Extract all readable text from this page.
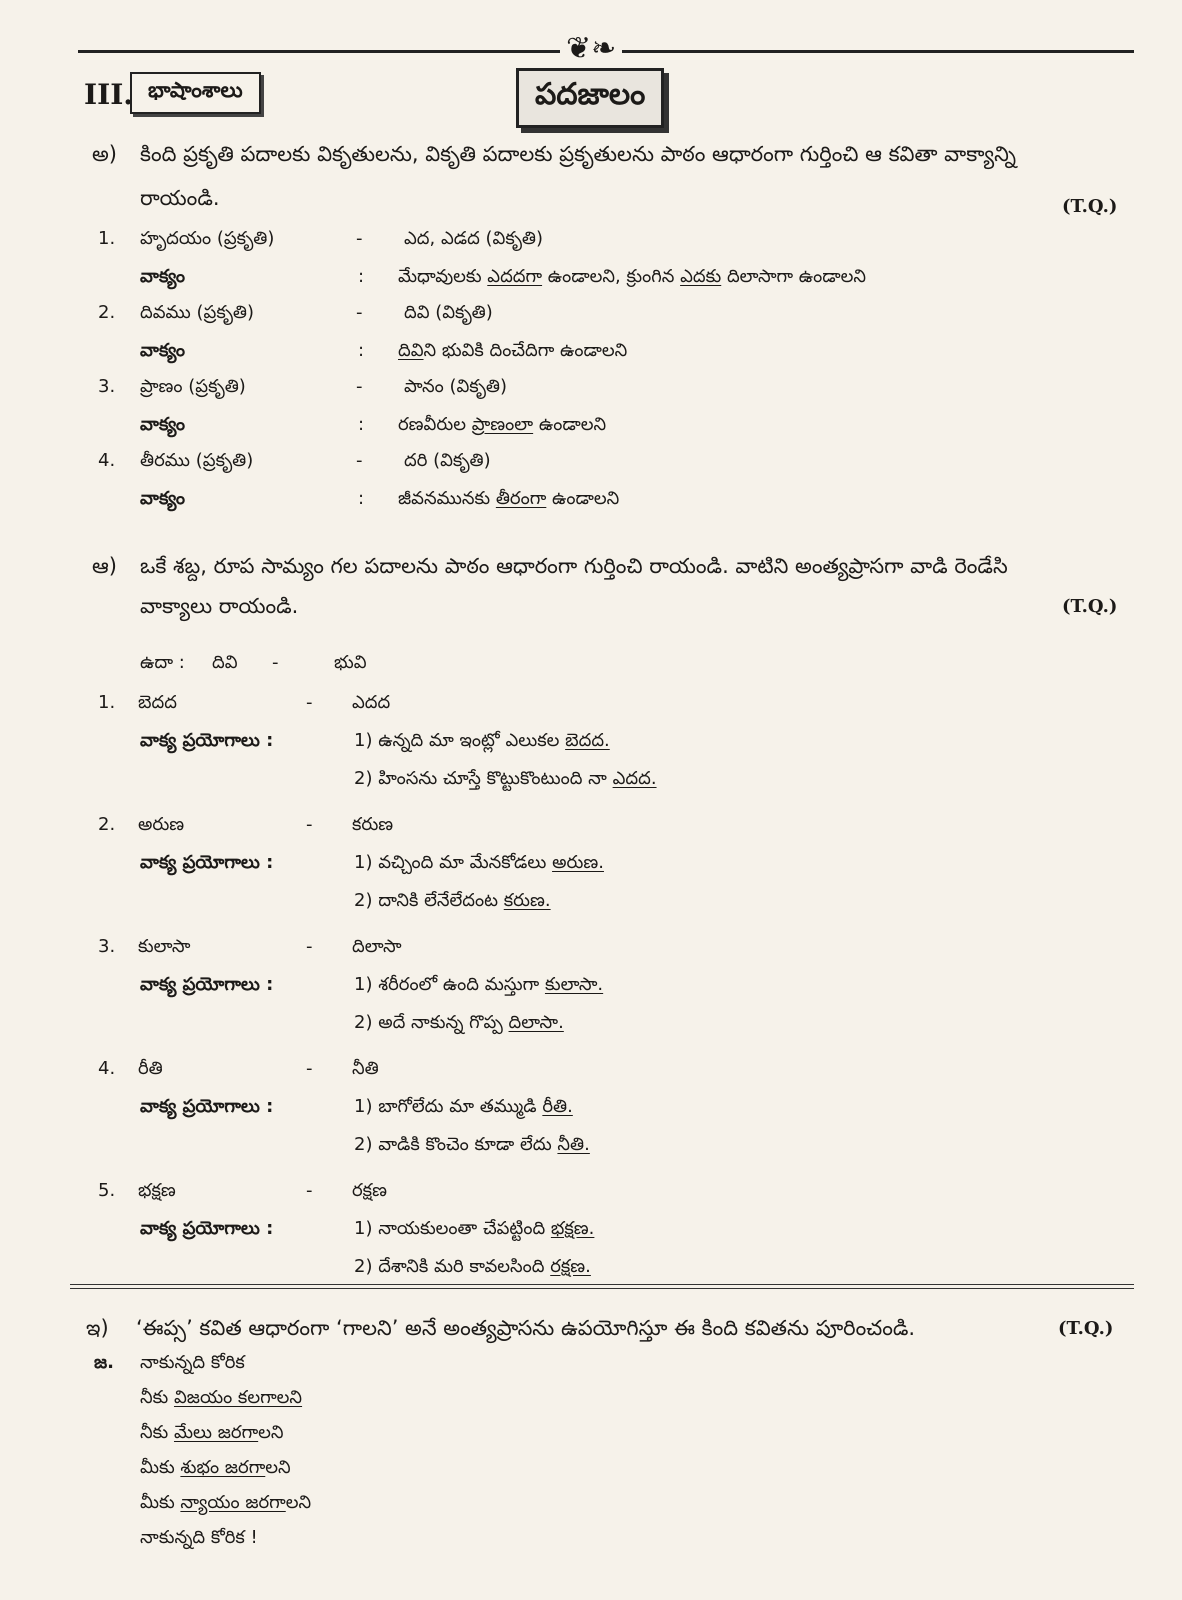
❦❧
III. భాషాంశాలు	పదజాలం
అ) కింది ప్రకృతి పదాలకు వికృతులను, వికృతి పదాలకు ప్రకృతులను పాఠం ఆధారంగా గుర్తించి ఆ కవితా వాక్యాన్ని
రాయండి.	(T.Q.)
1. హృదయం (ప్రకృతి)	- ఎద, ఎడద (వికృతి)
వాక్యం	: మేధావులకు ఎదదగా ఉండాలని, క్రుంగిన ఎదకు దిలాసాగా ఉండాలని
2. దివము (ప్రకృతి)	- దివి (వికృతి)
వాక్యం	: దివిని భువికి దించేదిగా ఉండాలని
3. ప్రాణం (ప్రకృతి)	- పానం (వికృతి)
వాక్యం	: రణవీరుల ప్రాణంలా ఉండాలని
4. తీరము (ప్రకృతి)	- దరి (వికృతి)
వాక్యం	: జీవనమునకు తీరంగా ఉండాలని
ఆ) ఒకే శబ్ద, రూప సామ్యం గల పదాలను పాఠం ఆధారంగా గుర్తించి రాయండి. వాటిని అంత్యప్రాసగా వాడి రెండేసి
వాక్యాలు రాయండి.	(T.Q.)
ఉదా : దివి -	భువి
1. బెదద	- ఎదద
వాక్య ప్రయోగాలు :	1) ఉన్నది మా ఇంట్లో ఎలుకల బెదద.
2) హింసను చూస్తే కొట్టుకొంటుంది నా ఎదద.
2. అరుణ	- కరుణ
వాక్య ప్రయోగాలు :	1) వచ్చింది మా మేనకోడలు అరుణ.
2) దానికి లేనేలేదంట కరుణ.
3. కులాసా	- దిలాసా
వాక్య ప్రయోగాలు :	1) శరీరంలో ఉంది మస్తుగా కులాసా.
2) అదే నాకున్న గొప్ప దిలాసా.
4. రీతి	- నీతి
వాక్య ప్రయోగాలు :	1) బాగోలేదు మా తమ్ముడి రీతి.
2) వాడికి కొంచెం కూడా లేదు నీతి.
5. భక్షణ	- రక్షణ
వాక్య ప్రయోగాలు :	1) నాయకులంతా చేపట్టింది భక్షణ.
2) దేశానికి మరి కావలసింది రక్షణ.
ఇ) ‘ఈప్స’ కవిత ఆధారంగా ‘గాలని’ అనే అంత్యప్రాసను ఉపయోగిస్తూ ఈ కింది కవితను పూరించండి.	(T.Q.)
జ. నాకున్నది కోరిక
నీకు విజయం కలగాలని
నీకు మేలు జరగాలని
మీకు శుభం జరగాలని
మీకు న్యాయం జరగాలని
నాకున్నది కోరిక !
